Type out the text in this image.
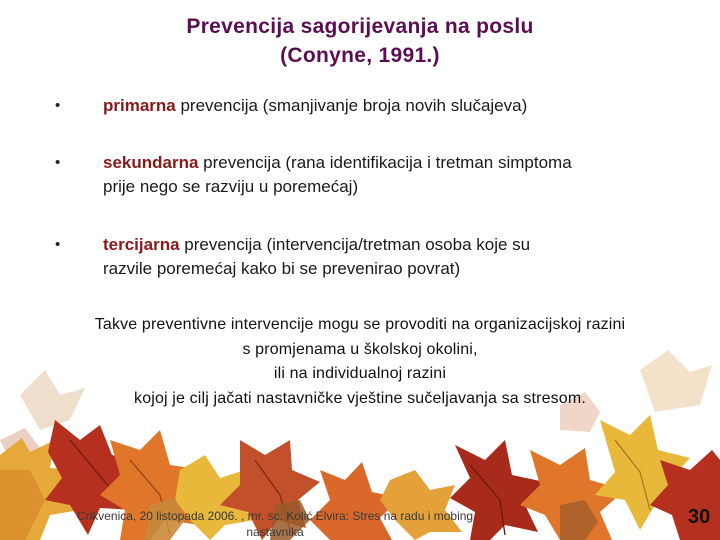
Prevencija sagorijevanja na poslu
(Conyne, 1991.)
•	primarna prevencija (smanjivanje broja novih slučajeva)

•	sekundarna prevencija (rana identifikacija i tretman simptoma
prije nego se razviju u poremećaj)
•	tercijarna prevencija (intervencija/tretman osoba koje su
razvile poremećaj kako bi se prevenirao povrat)
Takve preventivne intervencije mogu se provoditi na organizacijskoj razini
s promjenama u školskoj okolini,
ili na individualnoj razini
kojoj je cilj jačati nastavničke vještine sučeljavanja sa stresom.
Crikvenica, 20 listopada 2006. , mr. sc. Kolić Elvira: Stres na radu i mobing
nastavnika
30
